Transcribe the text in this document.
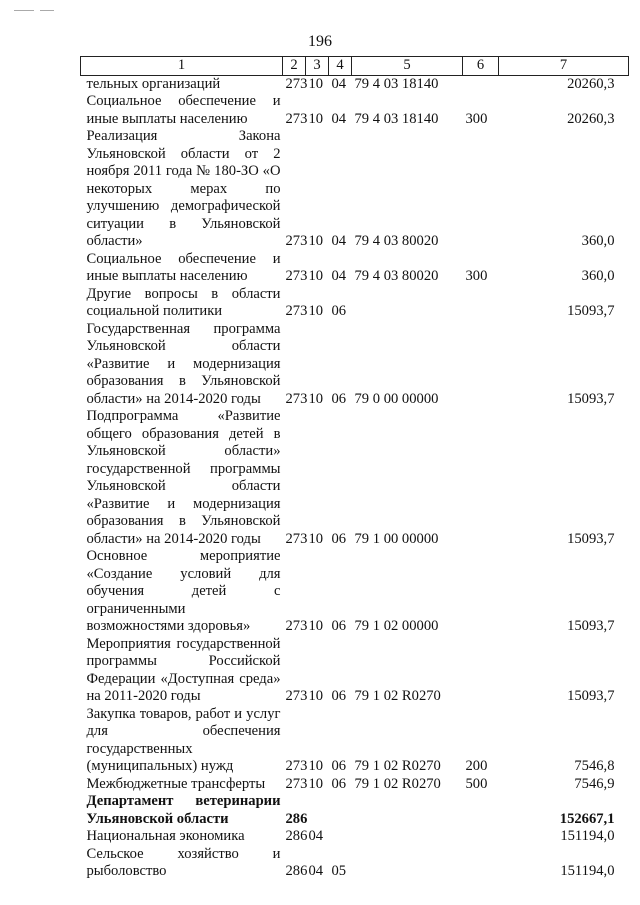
196
1	2	3	4	5	6	7
тельных организаций	273	10	04	79 4 03 18140		20260,3
Социальное обеспечение и иные выплаты населению	273	10	04	79 4 03 18140	300	20260,3
Реализация Закона Ульяновской области от 2 ноября 2011 года № 180-ЗО «О некоторых мерах по улучшению демографической ситуации в Ульяновской области»	273	10	04	79 4 03 80020		360,0
Социальное обеспечение и иные выплаты населению	273	10	04	79 4 03 80020	300	360,0
Другие вопросы в области социальной политики	273	10	06			15093,7
Государственная программа Ульяновской области «Развитие и модернизация образования в Ульяновской области» на 2014-2020 годы	273	10	06	79 0 00 00000		15093,7
Подпрограмма «Развитие общего образования детей в Ульяновской области» государственной программы Ульяновской области «Развитие и модернизация образования в Ульяновской области» на 2014-2020 годы	273	10	06	79 1 00 00000		15093,7
Основное мероприятие «Создание условий для обучения детей с ограниченными возможностями здоровья»	273	10	06	79 1 02 00000		15093,7
Мероприятия государственной программы Российской Федерации «Доступная среда» на 2011-2020 годы	273	10	06	79 1 02 R0270		15093,7
Закупка товаров, работ и услуг для обеспечения государственных (муниципальных) нужд	273	10	06	79 1 02 R0270	200	7546,8
Межбюджетные трансферты	273	10	06	79 1 02 R0270	500	7546,9
Департамент ветеринарии Ульяновской области	286					152667,1
Национальная экономика	286	04				151194,0
Сельское хозяйство и рыболовство	286	04	05			151194,0
